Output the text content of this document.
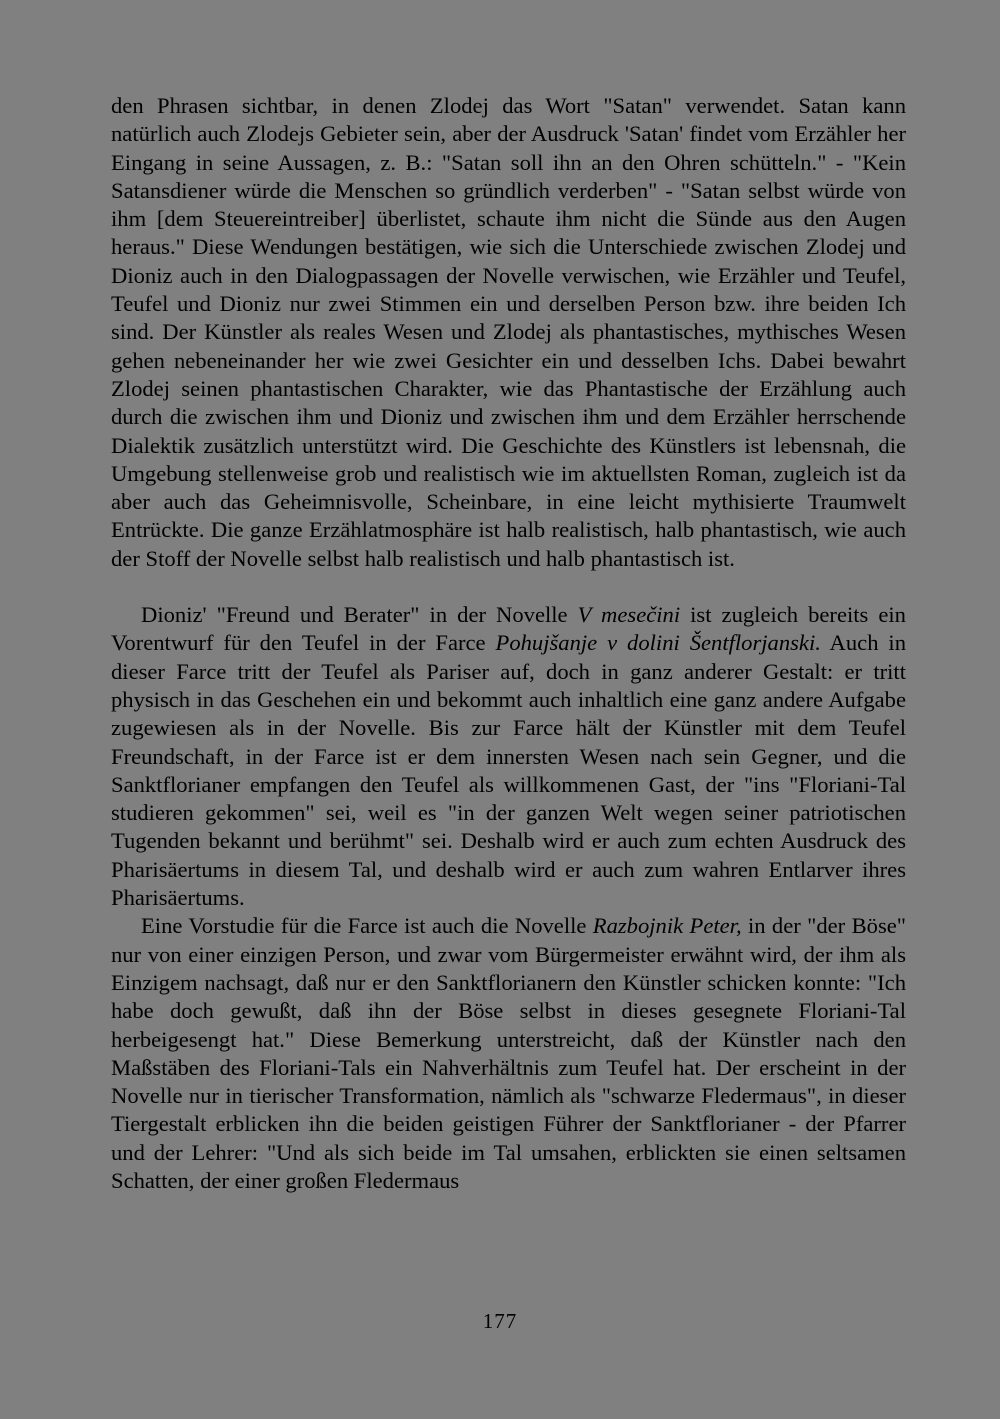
den Phrasen sichtbar, in denen Zlodej das Wort "Satan" verwendet. Satan kann natürlich auch Zlodejs Gebieter sein, aber der Ausdruck 'Satan' findet vom Erzähler her Eingang in seine Aussagen, z. B.: "Satan soll ihn an den Ohren schütteln." - "Kein Satansdiener würde die Menschen so gründlich verderben" - "Satan selbst würde von ihm [dem Steuereintreiber] überlistet, schaute ihm nicht die Sünde aus den Augen heraus." Diese Wendungen bestätigen, wie sich die Unterschiede zwischen Zlodej und Dioniz auch in den Dialogpassagen der Novelle verwischen, wie Erzähler und Teufel, Teufel und Dioniz nur zwei Stimmen ein und derselben Person bzw. ihre beiden Ich sind. Der Künstler als reales Wesen und Zlodej als phantastisches, mythisches Wesen gehen nebeneinander her wie zwei Gesichter ein und desselben Ichs. Dabei bewahrt Zlodej seinen phantastischen Charakter, wie das Phantastische der Erzählung auch durch die zwischen ihm und Dioniz und zwischen ihm und dem Erzähler herrschende Dialektik zusätzlich unterstützt wird. Die Geschichte des Künstlers ist lebensnah, die Umgebung stellenweise grob und realistisch wie im aktuellsten Roman, zugleich ist da aber auch das Geheimnisvolle, Scheinbare, in eine leicht mythisierte Traumwelt Entrückte. Die ganze Erzählatmosphäre ist halb realistisch, halb phantastisch, wie auch der Stoff der Novelle selbst halb realistisch und halb phantastisch ist.

Dioniz' "Freund und Berater" in der Novelle V mesečini ist zugleich bereits ein Vorentwurf für den Teufel in der Farce Pohujšanje v dolini Šentflorjanski. Auch in dieser Farce tritt der Teufel als Pariser auf, doch in ganz anderer Gestalt: er tritt physisch in das Geschehen ein und bekommt auch inhaltlich eine ganz andere Aufgabe zugewiesen als in der Novelle. Bis zur Farce hält der Künstler mit dem Teufel Freundschaft, in der Farce ist er dem innersten Wesen nach sein Gegner, und die Sanktflorianer empfangen den Teufel als willkommenen Gast, der "ins "Floriani-Tal studieren gekommen" sei, weil es "in der ganzen Welt wegen seiner patriotischen Tugenden bekannt und berühmt" sei. Deshalb wird er auch zum echten Ausdruck des Pharisäertums in diesem Tal, und deshalb wird er auch zum wahren Entlarver ihres Pharisäertums.

Eine Vorstudie für die Farce ist auch die Novelle Razbojnik Peter, in der "der Böse" nur von einer einzigen Person, und zwar vom Bürgermeister erwähnt wird, der ihm als Einzigem nachsagt, daß nur er den Sanktflorianern den Künstler schicken konnte: "Ich habe doch gewußt, daß ihn der Böse selbst in dieses gesegnete Floriani-Tal herbeigesengt hat." Diese Bemerkung unterstreicht, daß der Künstler nach den Maßstäben des Floriani-Tals ein Nahverhältnis zum Teufel hat. Der erscheint in der Novelle nur in tierischer Transformation, nämlich als "schwarze Fledermaus", in dieser Tiergestalt erblicken ihn die beiden geistigen Führer der Sanktflorianer - der Pfarrer und der Lehrer: "Und als sich beide im Tal umsahen, erblickten sie einen seltsamen Schatten, der einer großen Fledermaus

177
